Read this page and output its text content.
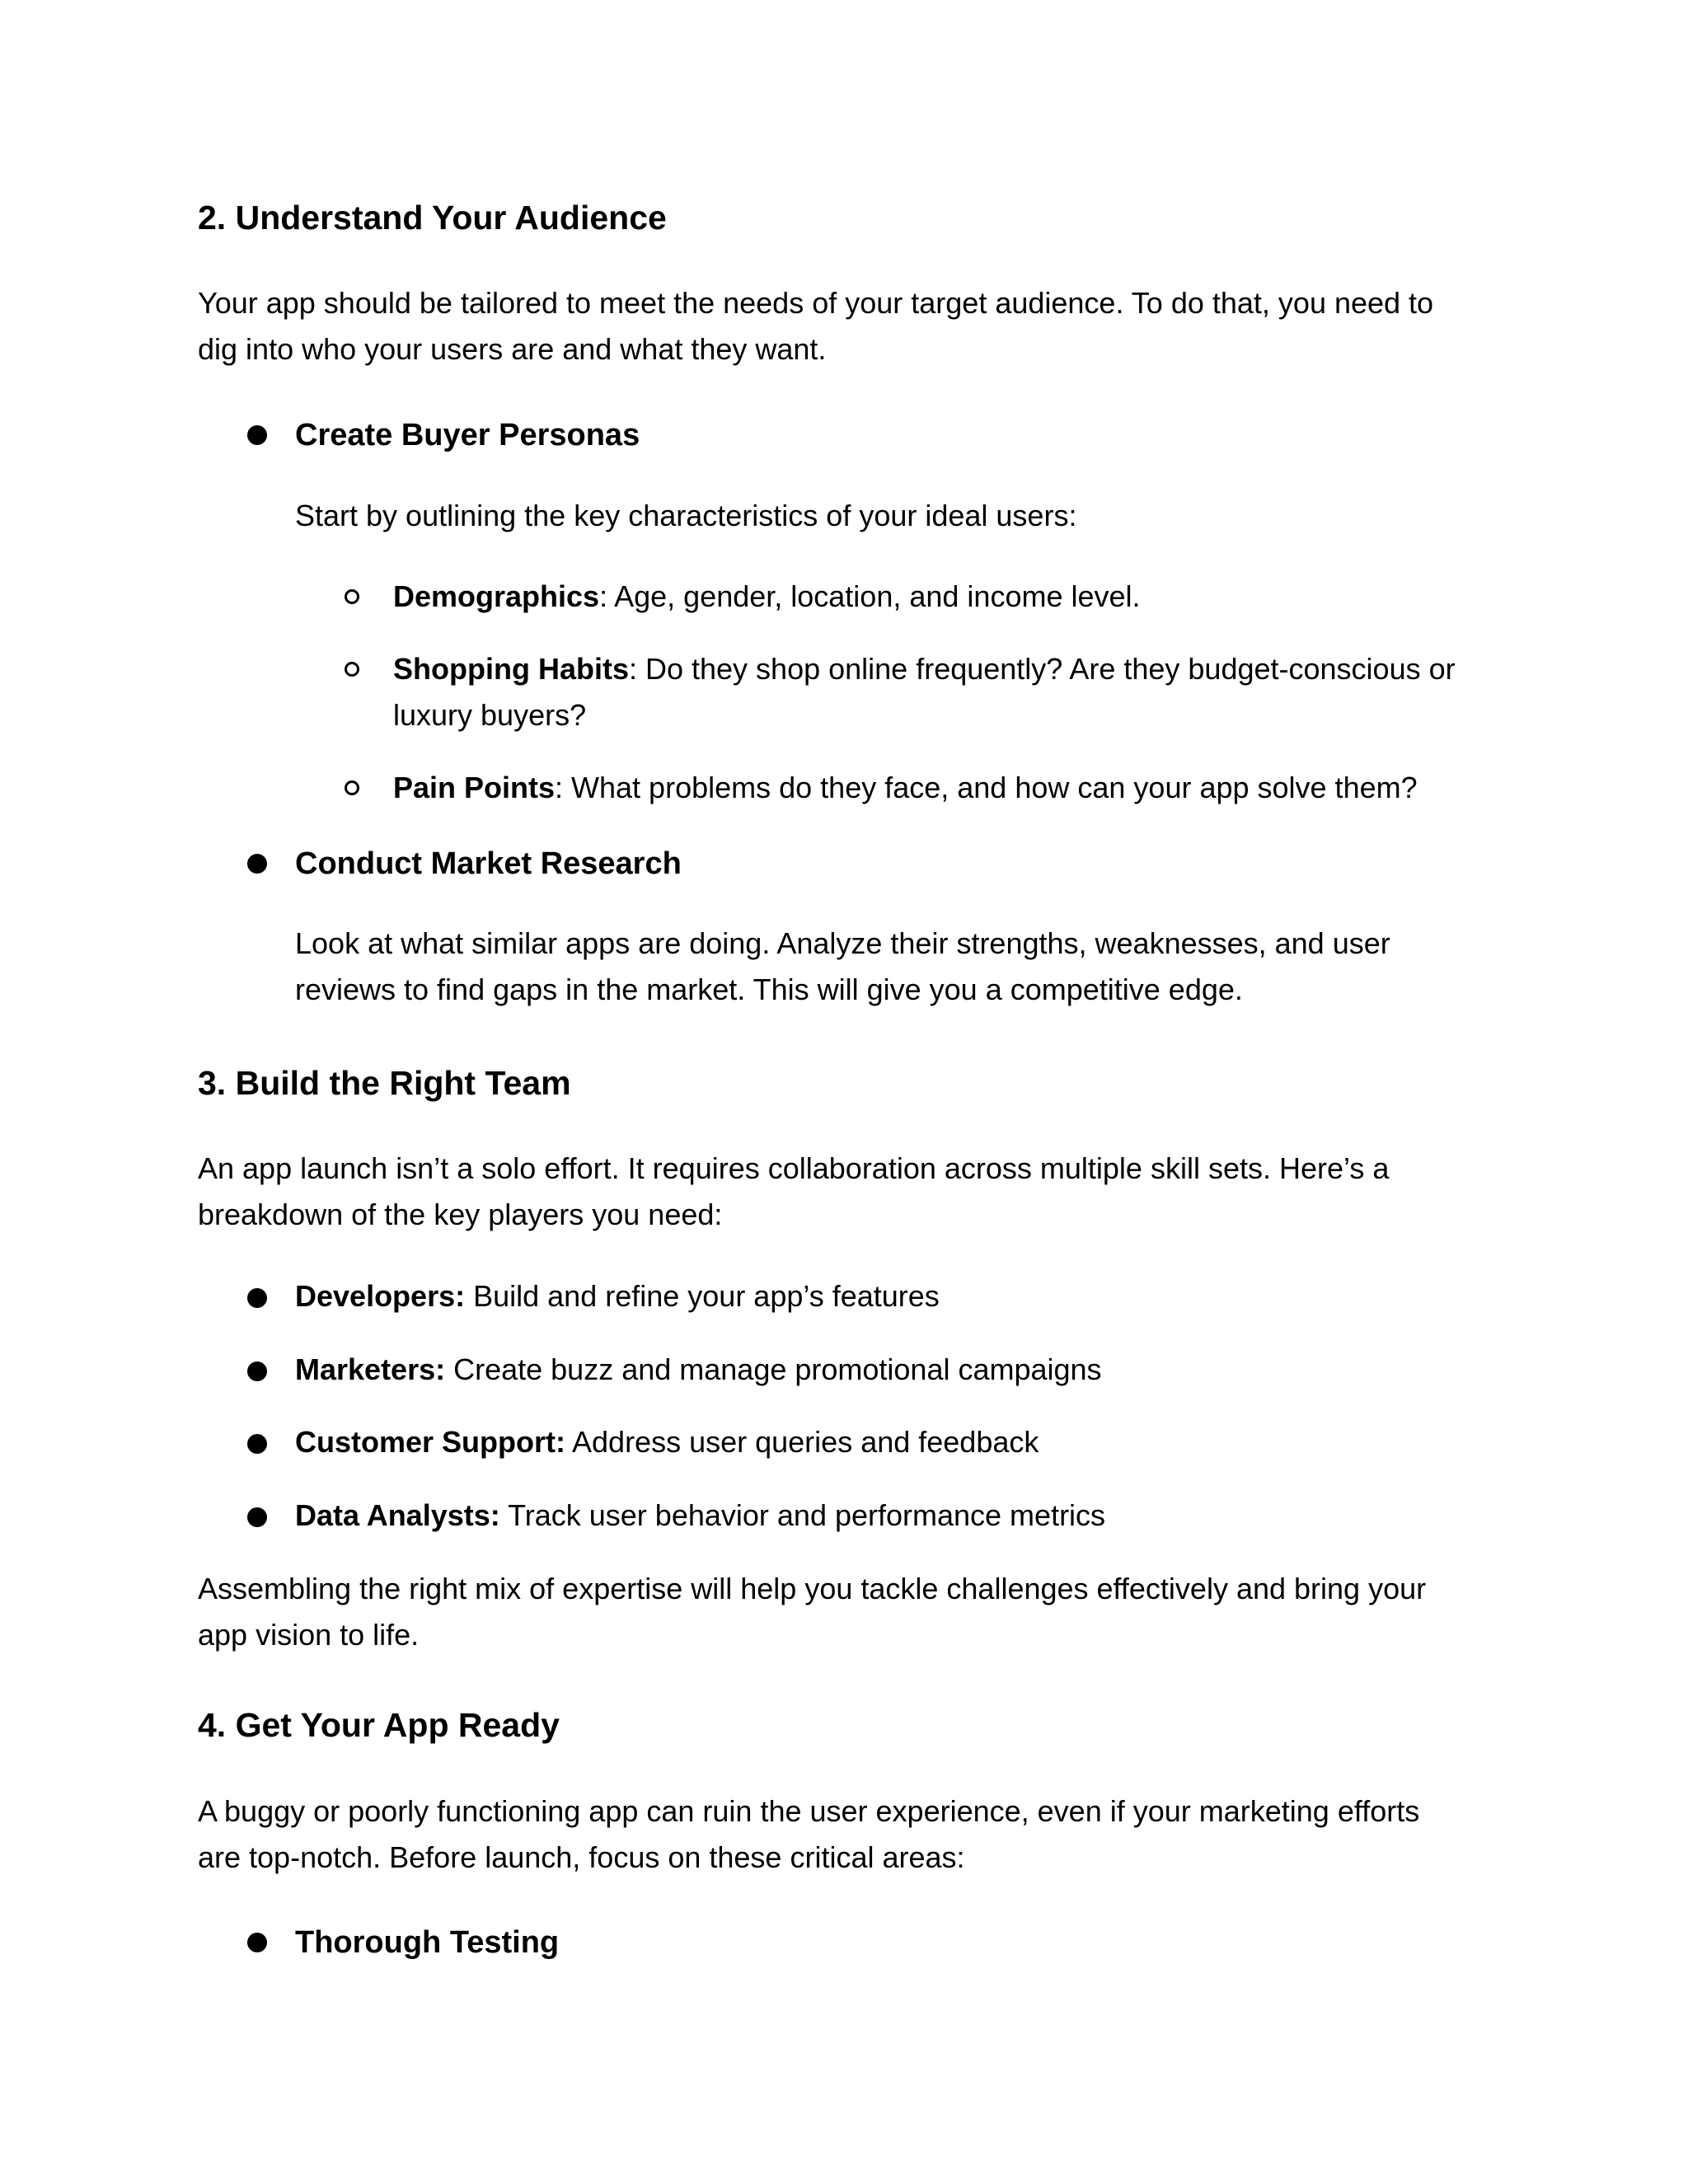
2. Understand Your Audience

Your app should be tailored to meet the needs of your target audience. To do that, you need to

dig into who your users are and what they want.

Create Buyer Personas

Start by outlining the key characteristics of your ideal users:

Demographics: Age, gender, location, and income level.

Shopping Habits: Do they shop online frequently? Are they budget-conscious or

luxury buyers?

Pain Points: What problems do they face, and how can your app solve them?

Conduct Market Research

Look at what similar apps are doing. Analyze their strengths, weaknesses, and user

reviews to find gaps in the market. This will give you a competitive edge.

3. Build the Right Team

An app launch isn’t a solo effort. It requires collaboration across multiple skill sets. Here’s a

breakdown of the key players you need:

Developers: Build and refine your app’s features

Marketers: Create buzz and manage promotional campaigns

Customer Support: Address user queries and feedback

Data Analysts: Track user behavior and performance metrics

Assembling the right mix of expertise will help you tackle challenges effectively and bring your

app vision to life.

4. Get Your App Ready

A buggy or poorly functioning app can ruin the user experience, even if your marketing efforts

are top-notch. Before launch, focus on these critical areas:

Thorough Testing
